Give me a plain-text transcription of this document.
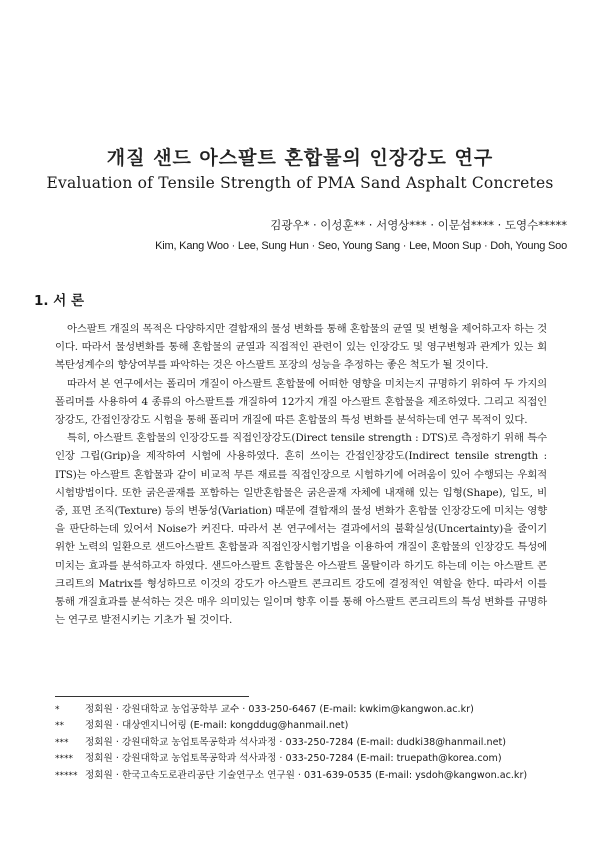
개질 샌드 아스팔트 혼합물의 인장강도 연구
Evaluation of Tensile Strength of PMA Sand Asphalt Concretes
김광우* · 이성훈** · 서영상*** · 이문섭**** · 도영수*****
Kim, Kang Woo · Lee, Sung Hun · Seo, Young Sang · Lee, Moon Sup · Doh, Young Soo
1. 서 론

아스팔트 개질의 목적은 다양하지만 결합재의 물성 변화를 통해 혼합물의 균열 및 변형을 제어하고자 하는 것이다. 따라서 물성변화를 통해 혼합물의 균열과 직접적인 관련이 있는 인장강도 및 영구변형과 관계가 있는 회복탄성계수의 향상여부를 파악하는 것은 아스팔트 포장의 성능을 추정하는 좋은 척도가 될 것이다.

따라서 본 연구에서는 폴리머 개질이 아스팔트 혼합물에 어떠한 영향을 미치는지 규명하기 위하여 두 가지의 폴리머를 사용하여 4 종류의 아스팔트를 개질하여 12가지 개질 아스팔트 혼합물을 제조하였다. 그리고 직접인장강도, 간접인장강도 시험을 통해 폴리머 개질에 따른 혼합물의 특성 변화를 분석하는데 연구 목적이 있다.

특히, 아스팔트 혼합물의 인장강도를 직접인장강도(Direct tensile strength : DTS)로 측정하기 위해 특수 인장 그립(Grip)을 제작하여 시험에 사용하였다. 흔히 쓰이는 간접인장강도(Indirect tensile strength : ITS)는 아스팔트 혼합물과 같이 비교적 무른 재료를 직접인장으로 시험하기에 어려움이 있어 수행되는 우회적 시험방법이다. 또한 굵은골재를 포함하는 일반혼합물은 굵은골재 자체에 내재해 있는 입형(Shape), 입도, 비중, 표면 조직(Texture) 등의 변동성(Variation) 때문에 결합재의 물성 변화가 혼합물 인장강도에 미치는 영향을 판단하는데 있어서 Noise가 커진다. 따라서 본 연구에서는 결과에서의 불확실성(Uncertainty)을 줄이기 위한 노력의 일환으로 샌드아스팔트 혼합물과 직접인장시험기법을 이용하여 개질이 혼합물의 인장강도 특성에 미치는 효과를 분석하고자 하였다. 샌드아스팔트 혼합물은 아스팔트 몰탈이라 하기도 하는데 이는 아스팔트 콘크리트의 Matrix를 형성하므로 이것의 강도가 아스팔트 콘크리트 강도에 결정적인 역할을 한다. 따라서 이를 통해 개질효과를 분석하는 것은 매우 의미있는 일이며 향후 이를 통해 아스팔트 콘크리트의 특성 변화를 규명하는 연구로 발전시키는 기초가 될 것이다.

*	정회원 · 강원대학교 농업공학부 교수 · 033-250-6467 (E-mail: kwkim@kangwon.ac.kr)
**	정회원 · 대상엔지니어링 (E-mail: kongddug@hanmail.net)
***	정회원 · 강원대학교 농업토목공학과 석사과정 · 033-250-7284 (E-mail: dudki38@hanmail.net)
****	정회원 · 강원대학교 농업토목공학과 석사과정 · 033-250-7284 (E-mail: truepath@korea.com)
***** 정회원 · 한국고속도로관리공단 기술연구소 연구원 · 031-639-0535 (E-mail: ysdoh@kangwon.ac.kr)
